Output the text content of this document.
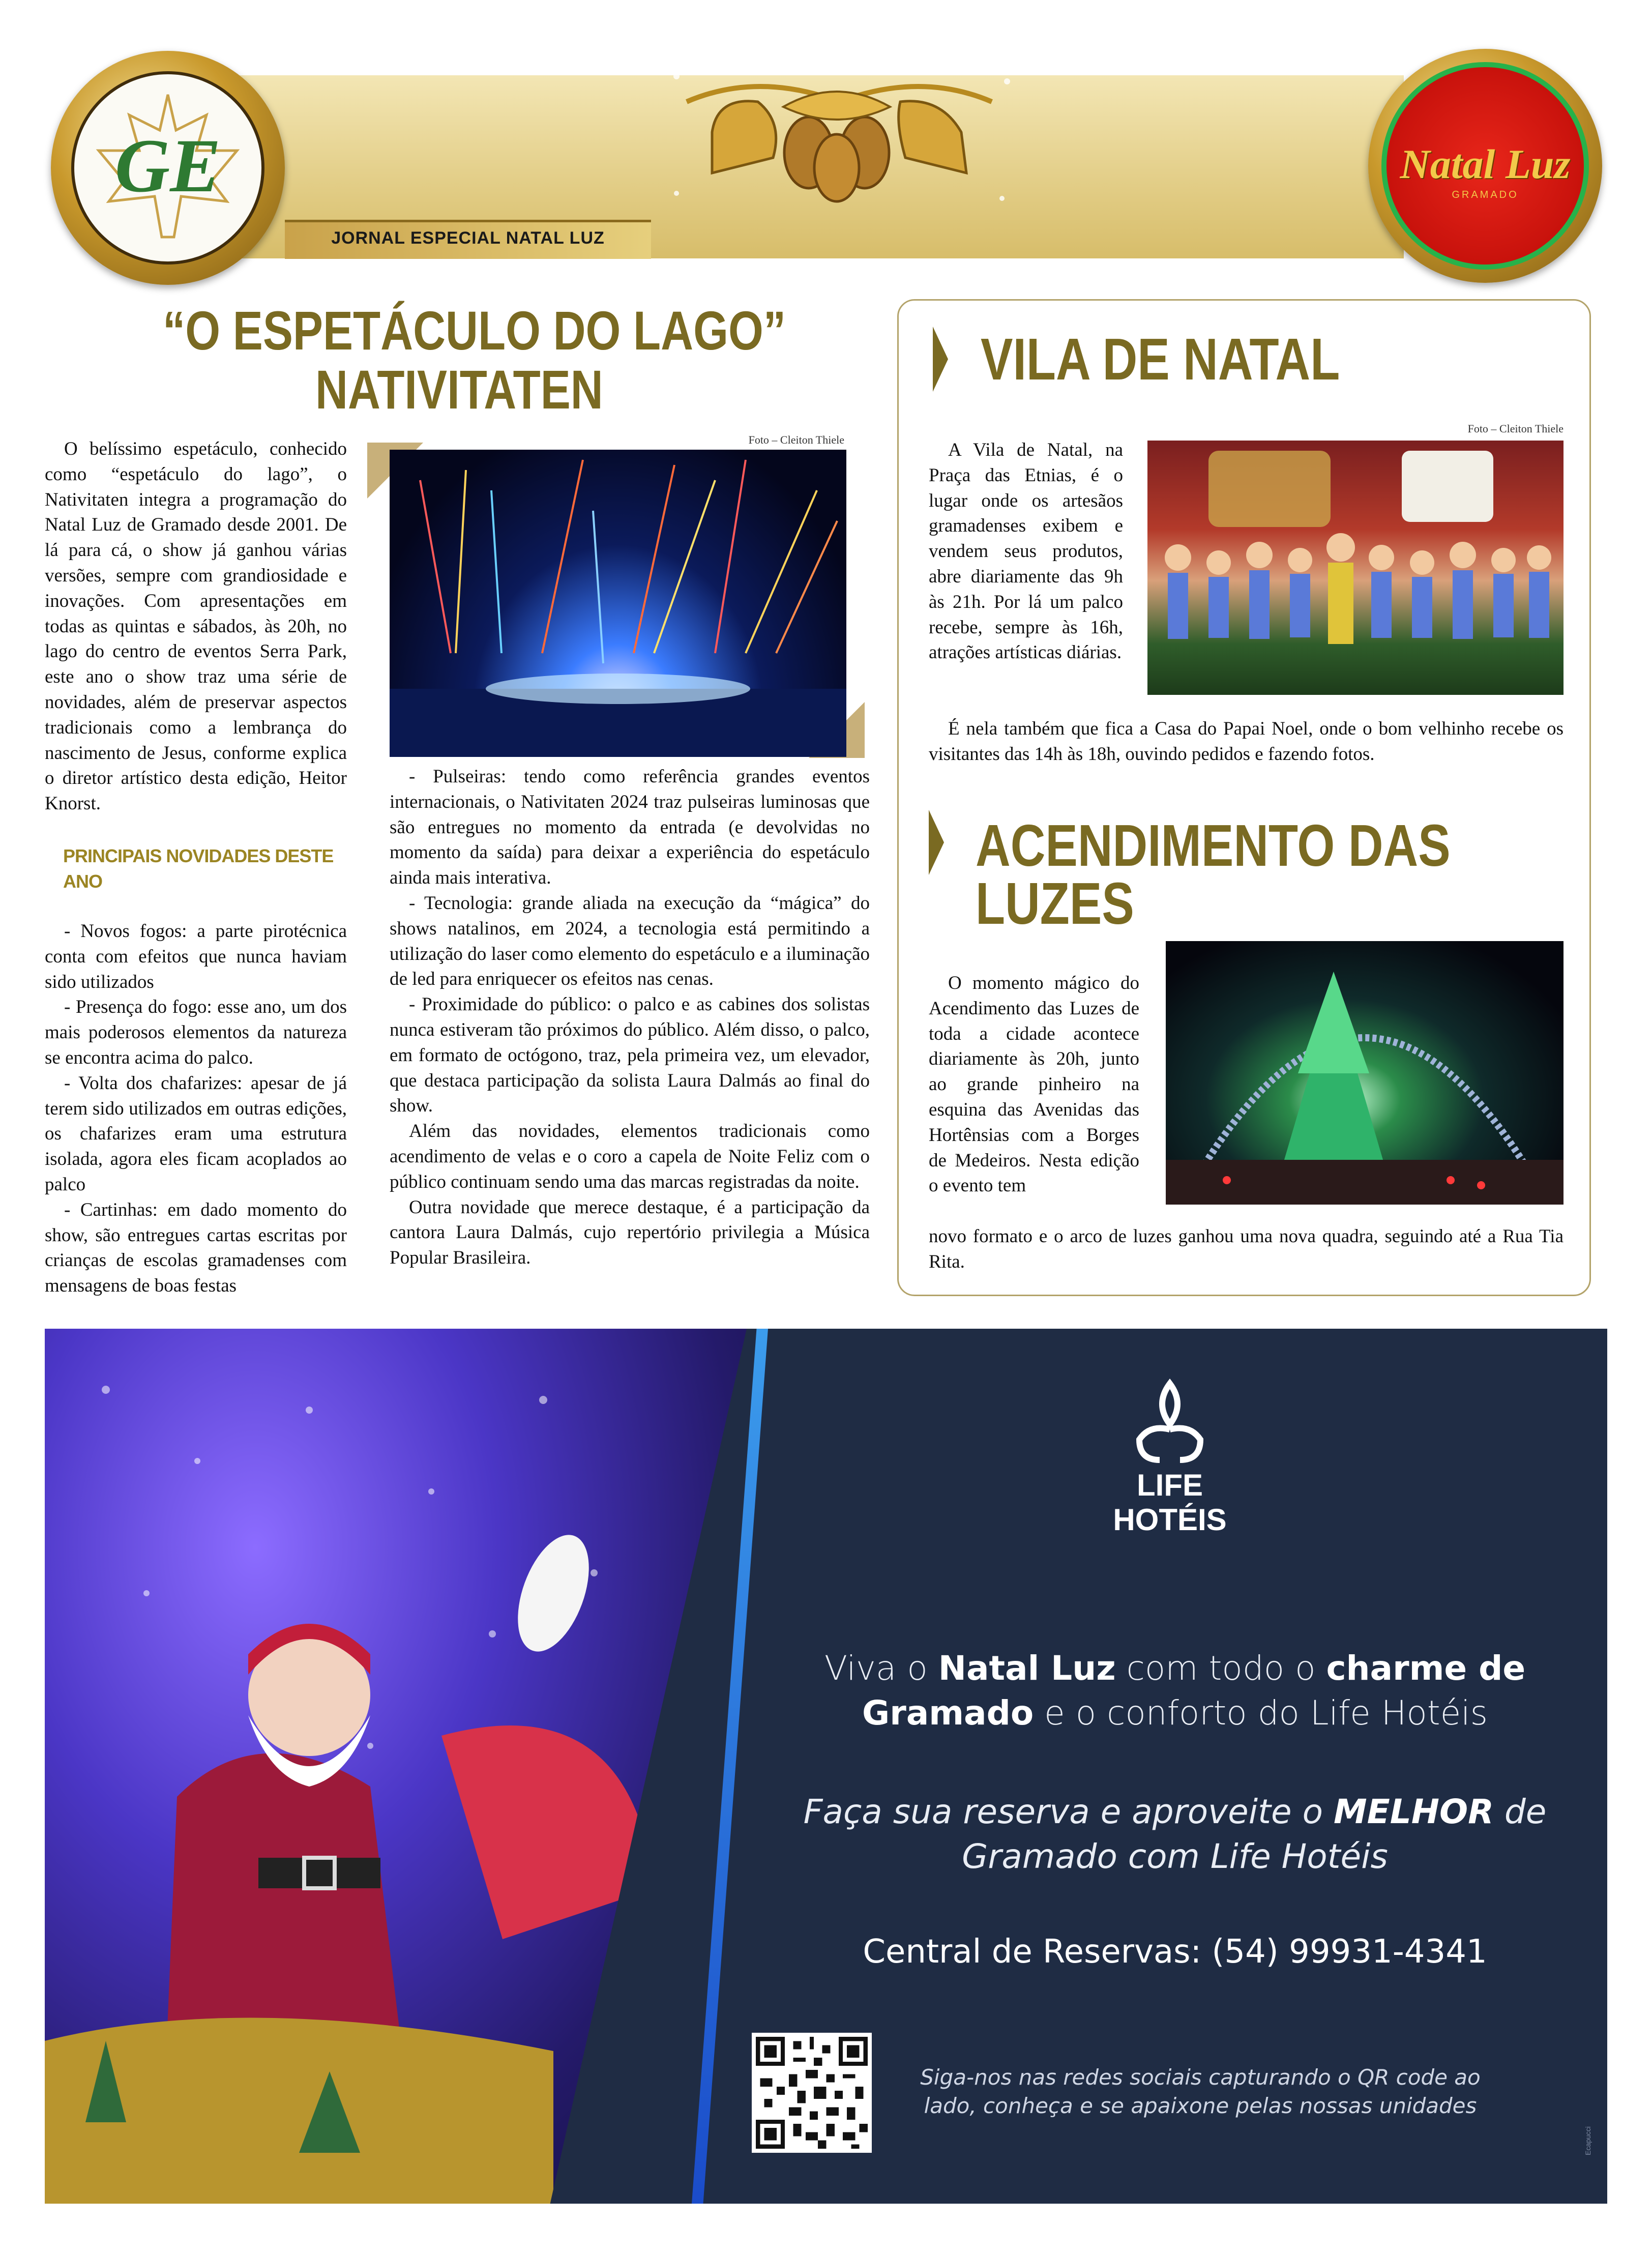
JORNAL ESPECIAL NATAL LUZ
GE	Natal Luz
GRAMADO
“O ESPETÁCULO DO LAGO”
NATIVITATEN
O belíssimo espetáculo, conhecido como “espetáculo do lago”, o Nativitaten integra a programação do Natal Luz de Gramado desde 2001. De lá para cá, o show já ganhou várias versões, sempre com grandiosidade e inovações. Com apresentações em todas as quintas e sábados, às 20h, no lago do centro de eventos Serra Park, este ano o show traz uma série de novidades, além de preservar aspectos tradicionais como a lembrança do nascimento de Jesus, conforme explica o diretor artístico desta edição, Heitor Knorst.
PRINCIPAIS NOVIDADES DESTE ANO
- Novos fogos: a parte pirotécnica conta com efeitos que nunca haviam sido utilizados
- Presença do fogo: esse ano, um dos mais poderosos elementos da natureza se encontra acima do palco.
- Volta dos chafarizes: apesar de já terem sido utilizados em outras edições, os chafarizes eram uma estrutura isolada, agora eles ficam acoplados ao palco
- Cartinhas: em dado momento do show, são entregues cartas escritas por crianças de escolas gramadenses com mensagens de boas festas
Foto – Cleiton Thiele
- Pulseiras: tendo como referência grandes eventos internacionais, o Nativitaten 2024 traz pulseiras luminosas que são entregues no momento da entrada (e devolvidas no momento da saída) para deixar a experiência do espetáculo ainda mais interativa.
- Tecnologia: grande aliada na execução da “mágica” do shows natalinos, em 2024, a tecnologia está permitindo a utilização do laser como elemento do espetáculo e a iluminação de led para enriquecer os efeitos nas cenas.
- Proximidade do público: o palco e as cabines dos solistas nunca estiveram tão próximos do público. Além disso, o palco, em formato de octógono, traz, pela primeira vez, um elevador, que destaca participação da solista Laura Dalmás ao final do show.
Além das novidades, elementos tradicionais como acendimento de velas e o coro a capela de Noite Feliz com o público continuam sendo uma das marcas registradas da noite.
Outra novidade que merece destaque, é a participação da cantora Laura Dalmás, cujo repertório privilegia a Música Popular Brasileira.
VILA DE NATAL
Foto – Cleiton Thiele
A Vila de Natal, na Praça das Etnias, é o lugar onde os artesãos gramadenses exibem e vendem seus produtos, abre diariamente das 9h às 21h. Por lá um palco recebe, sempre às 16h, atrações artísticas diárias.
É nela também que fica a Casa do Papai Noel, onde o bom velhinho recebe os visitantes das 14h às 18h, ouvindo pedidos e fazendo fotos.
ACENDIMENTO DAS
LUZES
O momento mágico do Acendimento das Luzes de toda a cidade acontece diariamente às 20h, junto ao grande pinheiro na esquina das Avenidas das Hortênsias com a Borges de Medeiros. Nesta edição o evento tem
novo formato e o arco de luzes ganhou uma nova quadra, seguindo até a Rua Tia Rita.
LIFE
HOTÉIS
Viva o Natal Luz com todo o charme de Gramado e o conforto do Life Hotéis
Faça sua reserva e aproveite o MELHOR de Gramado com Life Hotéis
Central de Reservas: (54) 99931-4341
Siga-nos nas redes sociais capturando o QR code ao lado, conheça e se apaixone pelas nossas unidades
Ecapucci
